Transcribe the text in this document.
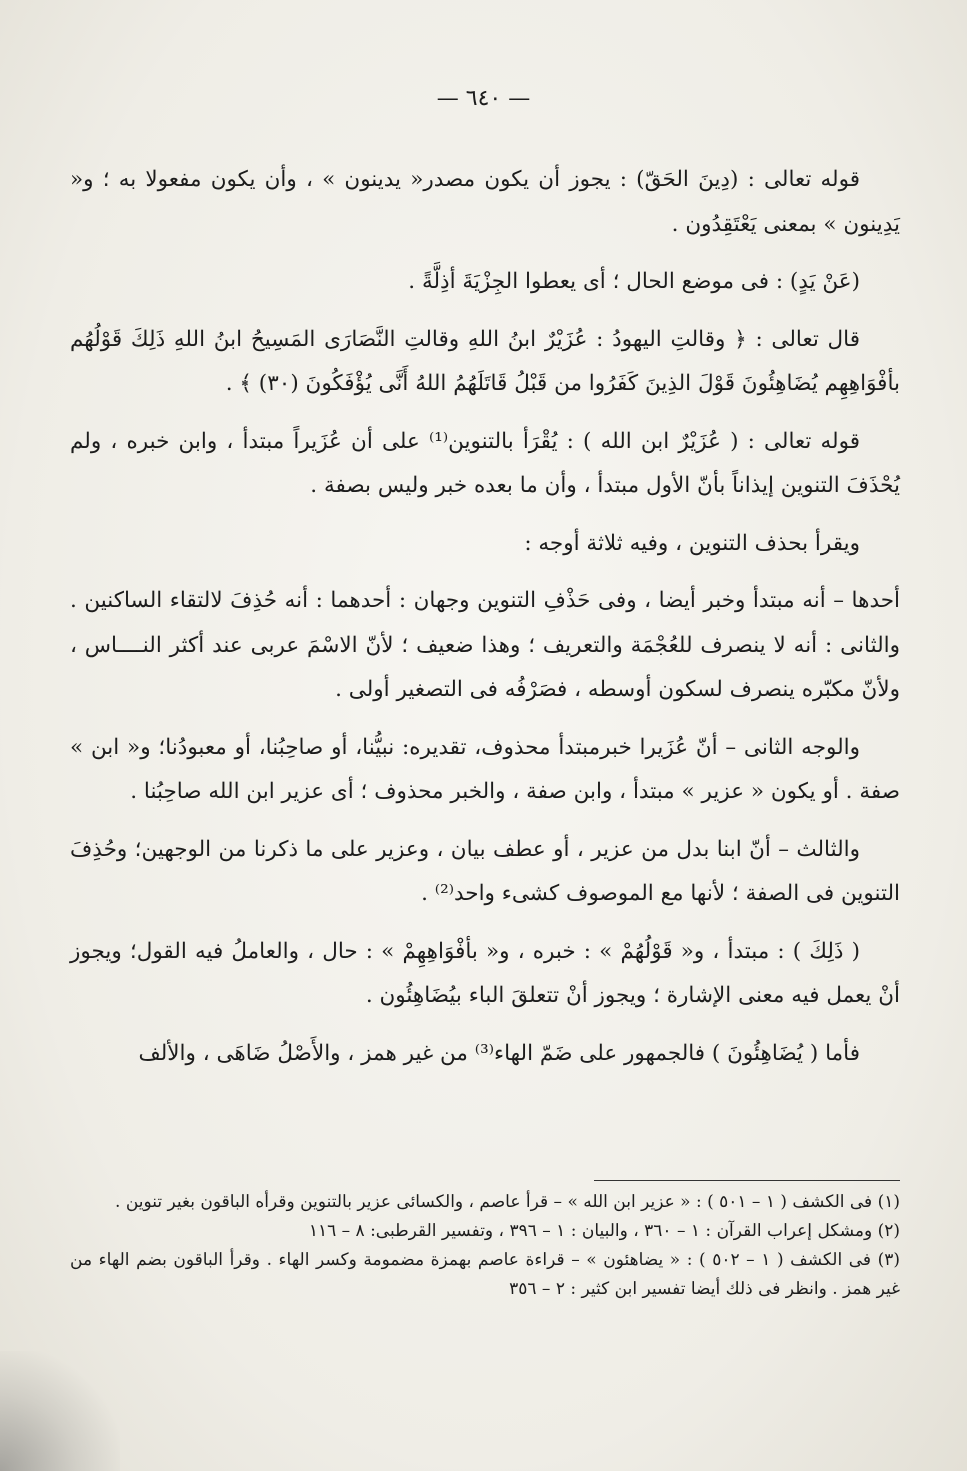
— ٦٤٠ —

قوله تعالى : (دِينَ الحَقّ) : يجوز أن يكون مصدر« يدينون » ، وأن يكون مفعولا به ؛ و« يَدِينون » بمعنى يَعْتَقِدُون .

(عَنْ يَدٍ) : فى موضع الحال ؛ أى يعطوا الجِزْيَةَ أذِلَّةً .

قال تعالى : ﴿ وقالتِ اليهودُ : عُزَيْرٌ ابنُ اللهِ وقالتِ النَّصَارَى المَسِيحُ ابنُ اللهِ ذَلِكَ قَوْلُهُم بأفْوَاهِهِم يُضَاهِئُونَ قَوْلَ الذِينَ كَفَرُوا من قَبْلُ قَاتَلَهُمُ اللهُ أَنَّى يُؤْفَكُونَ (٣٠) ﴾ .

قوله تعالى : ( عُزَيْرٌ ابن الله ) : يُقْرَأ بالتنوين⁽¹⁾ على أن عُزَيراً مبتدأ ، وابن خبره ، ولم يُحْذَفَ التنوين إيذاناً بأنّ الأول مبتدأ ، وأن ما بعده خبر وليس بصفة .

ويقرأ بحذف التنوين ، وفيه ثلاثة أوجه :

أحدها – أنه مبتدأ وخبر أيضا ، وفى حَذْفِ التنوين وجهان : أحدهما : أنه حُذِفَ لالتقاء الساكنين . والثانى : أنه لا ينصرف للعُجْمَة والتعريف ؛ وهذا ضعيف ؛ لأنّ الاسْمَ عربى عند أكثر النــــاس ، ولأنّ مكبّره ينصرف لسكون أوسطه ، فصَرْفُه فى التصغير أولى .

والوجه الثانى – أنّ عُزَيرا خبرمبتدأ محذوف، تقديره: نبيُّنا، أو صاحِبُنا، أو معبودُنا؛ و« ابن » صفة . أو يكون « عزير » مبتدأ ، وابن صفة ، والخبر محذوف ؛ أى عزير ابن الله صاحِبُنا .

والثالث – أنّ ابنا بدل من عزير ، أو عطف بيان ، وعزير على ما ذكرنا من الوجهين؛ وحُذِفَ التنوين فى الصفة ؛ لأنها مع الموصوف كشىء واحد⁽²⁾ .

( ذَلِكَ ) : مبتدأ ، و« قَوْلُهُمْ » : خبره ، و« بأفْوَاهِهِمْ » : حال ، والعاملُ فيه القول؛ ويجوز أنْ يعمل فيه معنى الإشارة ؛ ويجوز أنْ تتعلقَ الباء بيُضَاهِئُون .

فأما ( يُضَاهِئُونَ ) فالجمهور على ضَمّ الهاء⁽³⁾ من غير همز ، والأَصْلُ ضَاهَى ، والألف

(١) فى الكشف ( ١ – ٥٠١ ) : « عزير ابن الله » – قرأ عاصم ، والكسائى عزير بالتنوين وقرأه الباقون بغير تنوين .

(٢) ومشكل إعراب القرآن : ١ – ٣٦٠ ، والبيان : ١ – ٣٩٦ ، وتفسير القرطبى: ٨ – ١١٦

(٣) فى الكشف ( ١ – ٥٠٢ ) : « يضاهئون » – قراءة عاصم بهمزة مضمومة وكسر الهاء . وقرأ الباقون بضم الهاء من غير همز . وانظر فى ذلك أيضا تفسير ابن كثير : ٢ – ٣٥٦
